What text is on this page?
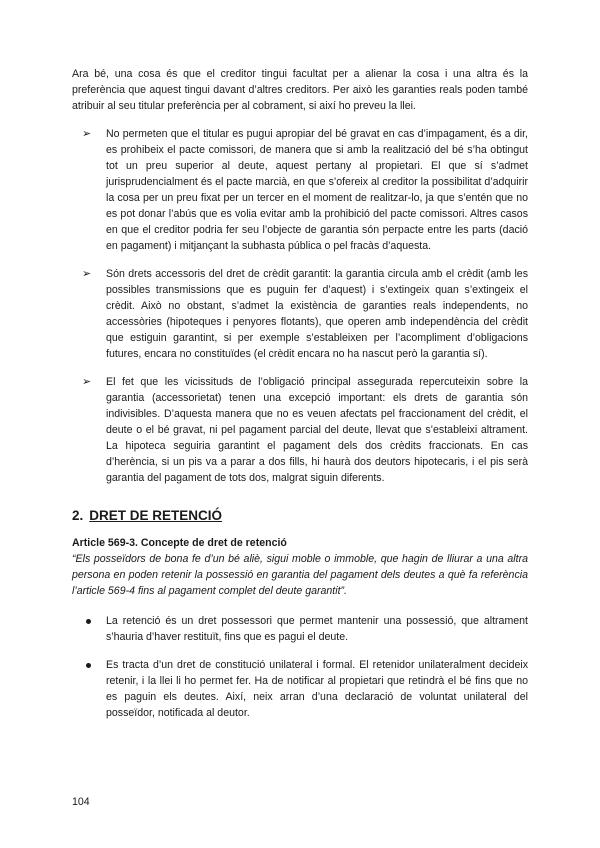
Ara bé, una cosa és que el creditor tingui facultat per a alienar la cosa i una altra és la preferència que aquest tingui davant d’altres creditors. Per això les garanties reals poden també atribuir al seu titular preferència per al cobrament, si així ho preveu la llei.

➢ No permeten que el titular es pugui apropiar del bé gravat en cas d’impagament, és a dir, es prohibeix el pacte comissori, de manera que si amb la realització del bé s’ha obtingut tot un preu superior al deute, aquest pertany al propietari. El que sí s’admet jurisprudencialment és el pacte marcià, en que s’ofereix al creditor la possibilitat d’adquirir la cosa per un preu fixat per un tercer en el moment de realitzar-lo, ja que s’entén que no es pot donar l’abús que es volia evitar amb la prohibició del pacte comissori. Altres casos en que el creditor podria fer seu l’objecte de garantia són perpacte entre les parts (dació en pagament) i mitjançant la subhasta pública o pel fracàs d’aquesta.

➢ Són drets accessoris del dret de crèdit garantit: la garantia circula amb el crèdit (amb les possibles transmissions que es puguin fer d’aquest) i s’extingeix quan s’extingeix el crèdit. Això no obstant, s’admet la existència de garanties reals independents, no accessòries (hipoteques i penyores flotants), que operen amb independència del crèdit que estiguin garantint, si per exemple s’estableixen per l’acompliment d’obligacions futures, encara no constituïdes (el crèdit encara no ha nascut però la garantia sí).

➢ El fet que les vicissituds de l’obligació principal assegurada repercuteixin sobre la garantia (accessorietat) tenen una excepció important: els drets de garantia són indivisibles. D’aquesta manera que no es veuen afectats pel fraccionament del crèdit, el deute o el bé gravat, ni pel pagament parcial del deute, llevat que s’estableixi altrament. La hipoteca seguiria garantint el pagament dels dos crèdits fraccionats. En cas d’herència, si un pis va a parar a dos fills, hi haurà dos deutors hipotecaris, i el pis serà garantia del pagament de tots dos, malgrat siguin diferents.

2. DRET DE RETENCIÓ
Article 569-3. Concepte de dret de retenció

“Els posseïdors de bona fe d’un bé aliè, sigui moble o immoble, que hagin de lliurar a una altra persona en poden retenir la possessió en garantia del pagament dels deutes a què fa referència l’article 569-4 fins al pagament complet del deute garantit”.

La retenció és un dret possessori que permet mantenir una possessió, que altrament s’hauria d’haver restituït, fins que es pagui el deute.

Es tracta d’un dret de constitució unilateral i formal. El retenidor unilateralment decideix retenir, i la llei li ho permet fer. Ha de notificar al propietari que retindrà el bé fins que no es paguin els deutes. Així, neix arran d’una declaració de voluntat unilateral del posseïdor, notificada al deutor.

104
